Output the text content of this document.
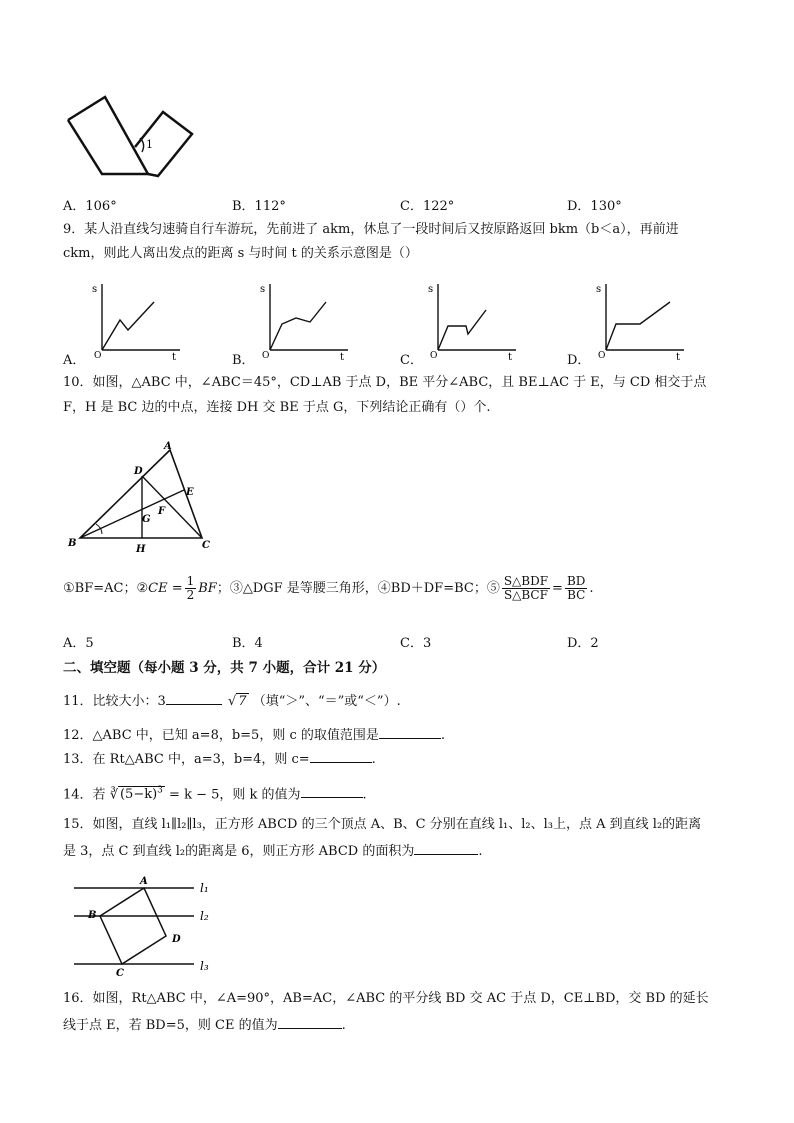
1
A．106°	B．112°	C．122°	D．130°
9．某人沿直线匀速骑自行车游玩，先前进了 akm，休息了一段时间后又按原路返回 bkm（b＜a），再前进
ckm，则此人离出发点的距离 s 与时间 t 的关系示意图是（）
s
t
O
s
t
O
s
t
O
s
t
O
A．	B．	C．	D．
10．如图，△ABC 中，∠ABC＝45°，CD⊥AB 于点 D，BE 平分∠ABC，且 BE⊥AC 于 E，与 CD 相交于点
F，H 是 BC 边的中点，连接 DH 交 BE 于点 G，下列结论正确有（）个.
A
D
E
G
F
B
H	C
①BF=AC；②CE = $\frac{1}{2}$ BF；③△DGF 是等腰三角形，④BD＋DF=BC；⑤ $\frac{\text{S△BDF}}{\text{S△BCF}} = \frac{BD}{BC}$ .
A．5	B．4	C．3	D．2
二、填空题（每小题 3 分，共 7 小题，合计 21 分）
11．比较大小：3	√ 7 （填“＞”、“＝”或“＜”）.
12．△ABC 中，已知 a=8，b=5，则 c 的取值范围是	.
13．在 Rt△ABC 中，a=3，b=4，则 c=	.
14．若 ∛ $(5-k)^3 = k - 5$，则 k 的值为	.
15．如图，直线 l₁∥l₂∥l₃，正方形 ABCD 的三个顶点 A、B、C 分别在直线 l₁、l₂、l₃上，点 A 到直线 l₂的距离
是 3，点 C 到直线 l₂的距离是 6，则正方形 ABCD 的面积为	.
A
B
D
C
l₁
l₂
l₃
16．如图，Rt△ABC 中，∠A=90°，AB=AC，∠ABC 的平分线 BD 交 AC 于点 D，CE⊥BD，交 BD 的延长
线于点 E，若 BD=5，则 CE 的值为	.
